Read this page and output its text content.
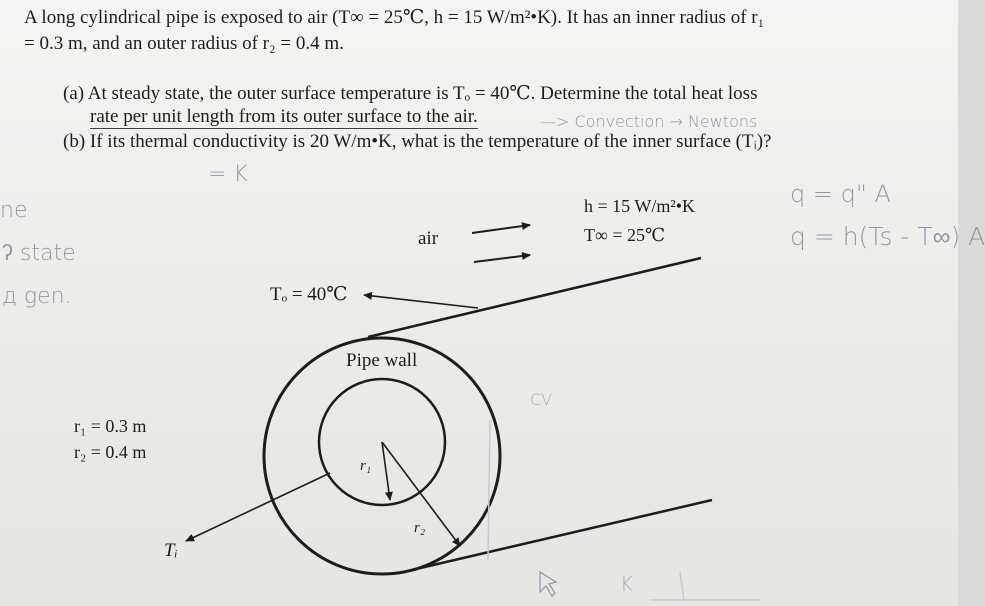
A long cylindrical pipe is exposed to air (T∞ = 25℃, h = 15 W/m²•K). It has an inner radius of r₁
= 0.3 m, and an outer radius of r₂ = 0.4 m.
(a) At steady state, the outer surface temperature is Tₒ = 40℃. Determine the total heat loss
rate per unit length from its outer surface to the air.
(b) If its thermal conductivity is 20 W/m•K, what is the temperature of the inner surface (Tᵢ)?
—> Convection → Newtons
= K
ne
ʔ state
д gen.
q = q" A
q = h(Ts - T∞) A
CV
K
air
h = 15 W/m²•K
T∞ = 25℃
Tₒ = 40℃
Pipe wall
r₁ = 0.3 m
r₂ = 0.4 m
Tᵢ
r₁
r₂
